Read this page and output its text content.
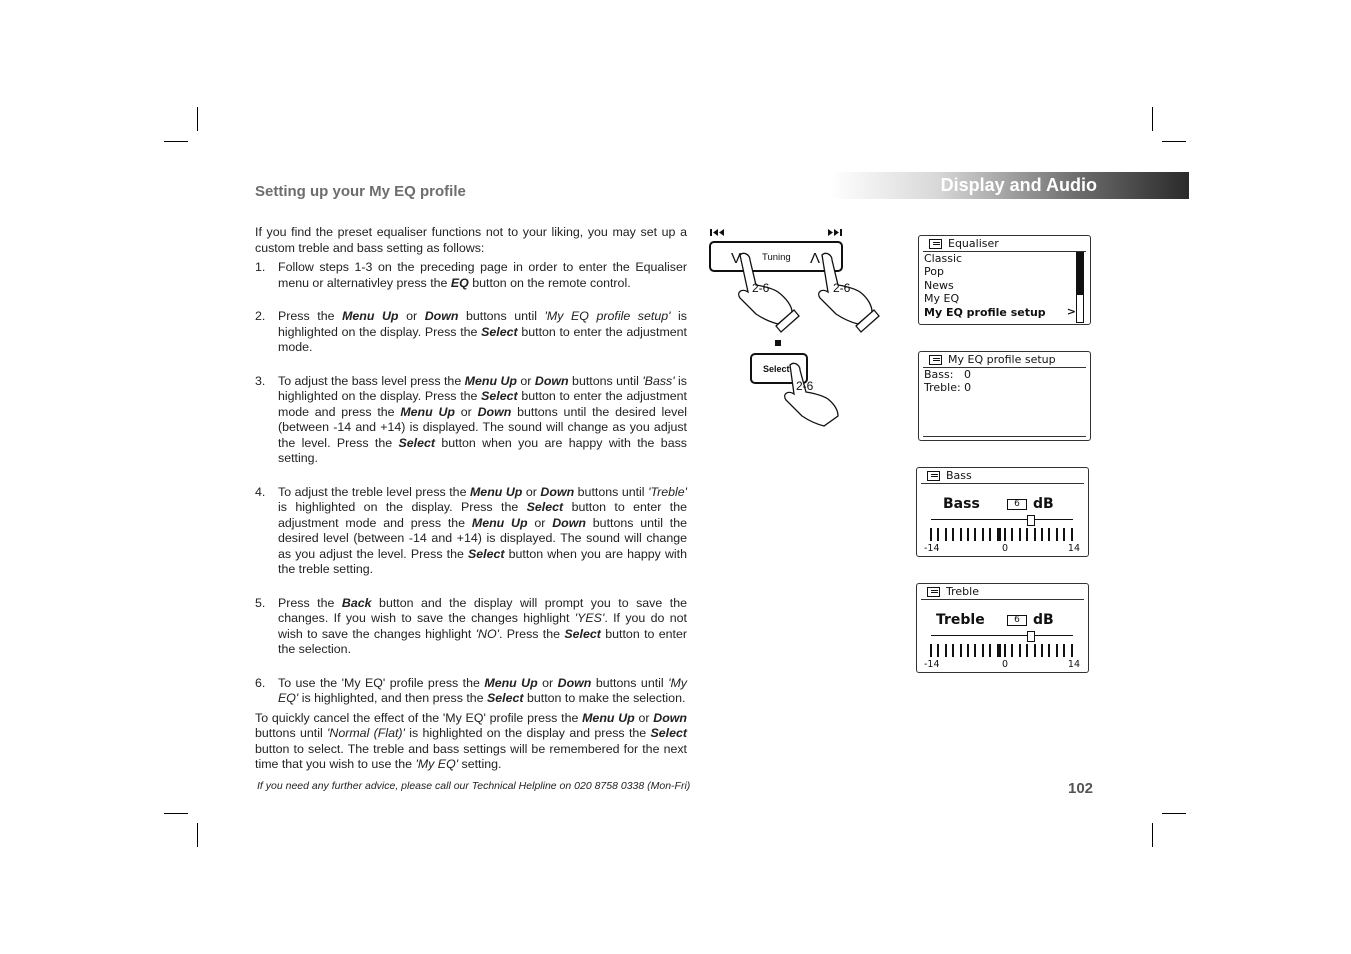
Setting up your My EQ profile	Display and Audio

If you find the preset equaliser functions not to your liking, you may set up a custom treble and bass setting as follows:

1.	Follow steps 1-3 on the preceding page in order to enter the Equaliser menu or alternativley press the EQ button on the remote control.
2.	Press the Menu Up or Down buttons until 'My EQ profile setup' is highlighted on the display. Press the Select button to enter the adjustment mode.
3.	To adjust the bass level press the Menu Up or Down buttons until 'Bass' is highlighted on the display. Press the Select button to enter the adjustment mode and press the Menu Up or Down buttons until the desired level (between -14 and +14) is displayed. The sound will change as you adjust the level. Press the Select button when you are happy with the bass setting.
4.	To adjust the treble level press the Menu Up or Down buttons until 'Treble' is highlighted on the display. Press the Select button to enter the adjustment mode and press the Menu Up or Down buttons until the desired level (between -14 and +14) is displayed. The sound will change as you adjust the level. Press the Select button when you are happy with the treble setting.
5.	Press the Back button and the display will prompt you to save the changes. If you wish to save the changes highlight 'YES'. If you do not wish to save the changes highlight 'NO'. Press the Select button to enter the selection.
6.	To use the 'My EQ' profile press the Menu Up or Down buttons until 'My EQ' is highlighted, and then press the Select button to make the selection.

To quickly cancel the effect of the 'My EQ' profile press the Menu Up or Down buttons until 'Normal (Flat)' is highlighted on the display and press the Select button to select. The treble and bass settings will be remembered for the next time that you wish to use the 'My EQ' setting.

V Tuning Λ
2-6	2-6
Select
2-6
Equaliser
Classic
Pop
News
My EQ
My EQ profile setup	>
My EQ profile setup
Bass: 0
Treble: 0
Bass
Bass	6 dB
-14	0	14
Treble
Treble	6 dB
-14	0	14
If you need any further advice, please call our Technical Helpline on 020 8758 0338 (Mon-Fri)	102
